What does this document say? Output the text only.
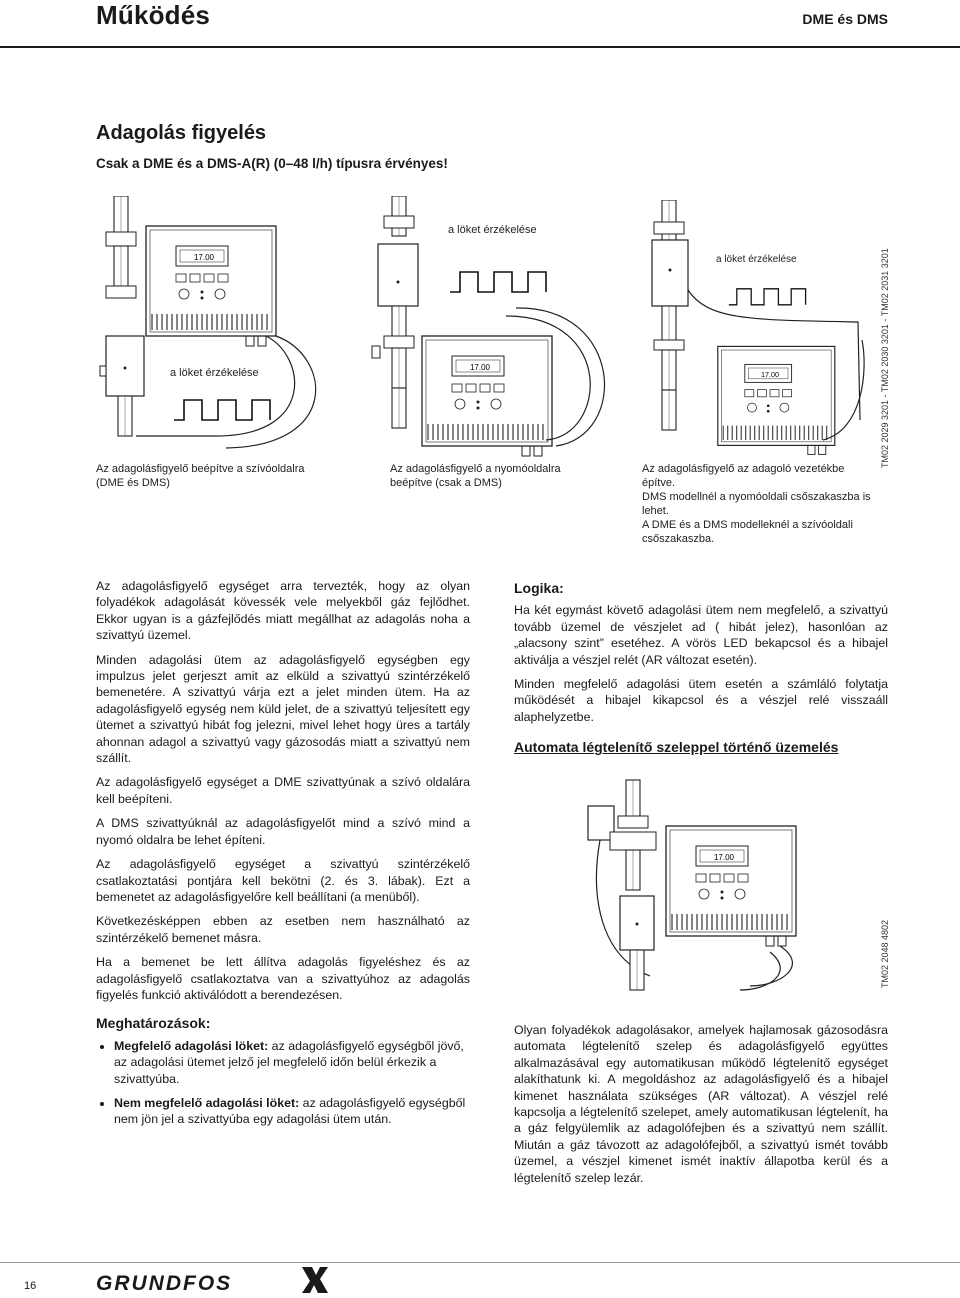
Működés	DME és DMS
Adagolás figyelés
Csak a DME és a DMS-A(R) (0–48 l/h) típusra érvényes!
17.00
a löket érzékelése
Az adagolásfigyelő beépítve a szívóoldalra (DME és DMS)
17.00
a löket érzékelése
Az adagolásfigyelő a nyomóoldalra beépítve (csak a DMS)
17.00
a löket érzékelése
Az adagolásfigyelő az adagoló vezetékbe építve.
DMS modellnél a nyomóoldali csőszakaszba is lehet.
A DME és a DMS modelleknél a szívóoldali csőszakaszba.
TM02 2029 3201 - TM02 2030 3201 - TM02 2031 3201

Az adagolásfigyelő egységet arra tervezték, hogy az olyan folyadékok adagolását kövessék vele melyekből gáz fejlődhet. Ekkor ugyan is a gázfejlődés miatt megállhat az adagolás noha a szivattyú üzemel.

Minden adagolási ütem az adagolásfigyelő egységben egy impulzus jelet gerjeszt amit az elküld a szivattyú szintérzékelő bemenetére. A szivattyú várja ezt a jelet minden ütem. Ha az adagolásfigyelő egység nem küld jelet, de a szivattyú teljesített egy ütemet a szivattyú hibát fog jelezni, mivel lehet hogy üres a tartály ahonnan adagol a szivattyú vagy gázosodás miatt a szivattyú nem szállít.

Az adagolásfigyelő egységet a DME szivattyúnak a szívó oldalára kell beépíteni.

A DMS szivattyúknál az adagolásfigyelőt mind a szívó mind a nyomó oldalra be lehet építeni.

Az adagolásfigyelő egységet a szivattyú szintérzékelő csatlakoztatási pontjára kell bekötni (2. és 3. lábak). Ezt a bemenetet az adagolásfigyelőre kell beállítani (a menüből).

Következésképpen ebben az esetben nem használható az szintérzékelő bemenet másra.

Ha a bemenet be lett állítva adagolás figyeléshez és az adagolásfigyelő csatlakoztatva van a szivattyúhoz az adagolás figyelés funkció aktiválódott a berendezésen.

Meghatározások:
• Megfelelő adagolási löket: az adagolásfigyelő egységből jövő, az adagolási ütemet jelző jel megfelelő időn belül érkezik a szivattyúba.
• Nem megfelelő adagolási löket: az adagolásfigyelő egységből nem jön jel a szivattyúba egy adagolási ütem után.
Logika:

Ha két egymást követő adagolási ütem nem megfelelő, a szivattyú tovább üzemel de vészjelet ad ( hibát jelez), hasonlóan az „alacsony szint” esetéhez. A vörös LED bekapcsol és a hibajel aktiválja a vészjel relét (AR változat esetén).

Minden megfelelő adagolási ütem esetén a számláló folytatja működését a hibajel kikapcsol és a vészjel relé visszaáll alaphelyzetbe.

Automata légtelenítő szeleppel történő üzemelés
17.00
TM02 2048 4802

Olyan folyadékok adagolásakor, amelyek hajlamosak gázosodásra automata légtelenítő szelep és adagolásfigyelő együttes alkalmazásával egy automatikusan működő légtelenítő egységet alakíthatunk ki. A megoldáshoz az adagolásfigyelő és a hibajel kimenet használata szükséges (AR változat). A vészjel relé kapcsolja a légtelenítő szelepet, amely automatikusan légtelenít, ha a gáz felgyülemlik az adagolófejben és a szivattyú nem szállít. Miután a gáz távozott az adagolófejből, a szivattyú ismét tovább üzemel, a vészjel kimenet ismét inaktív állapotba kerül és a légtelenítő szelep lezár.

16	GRUNDFOS
